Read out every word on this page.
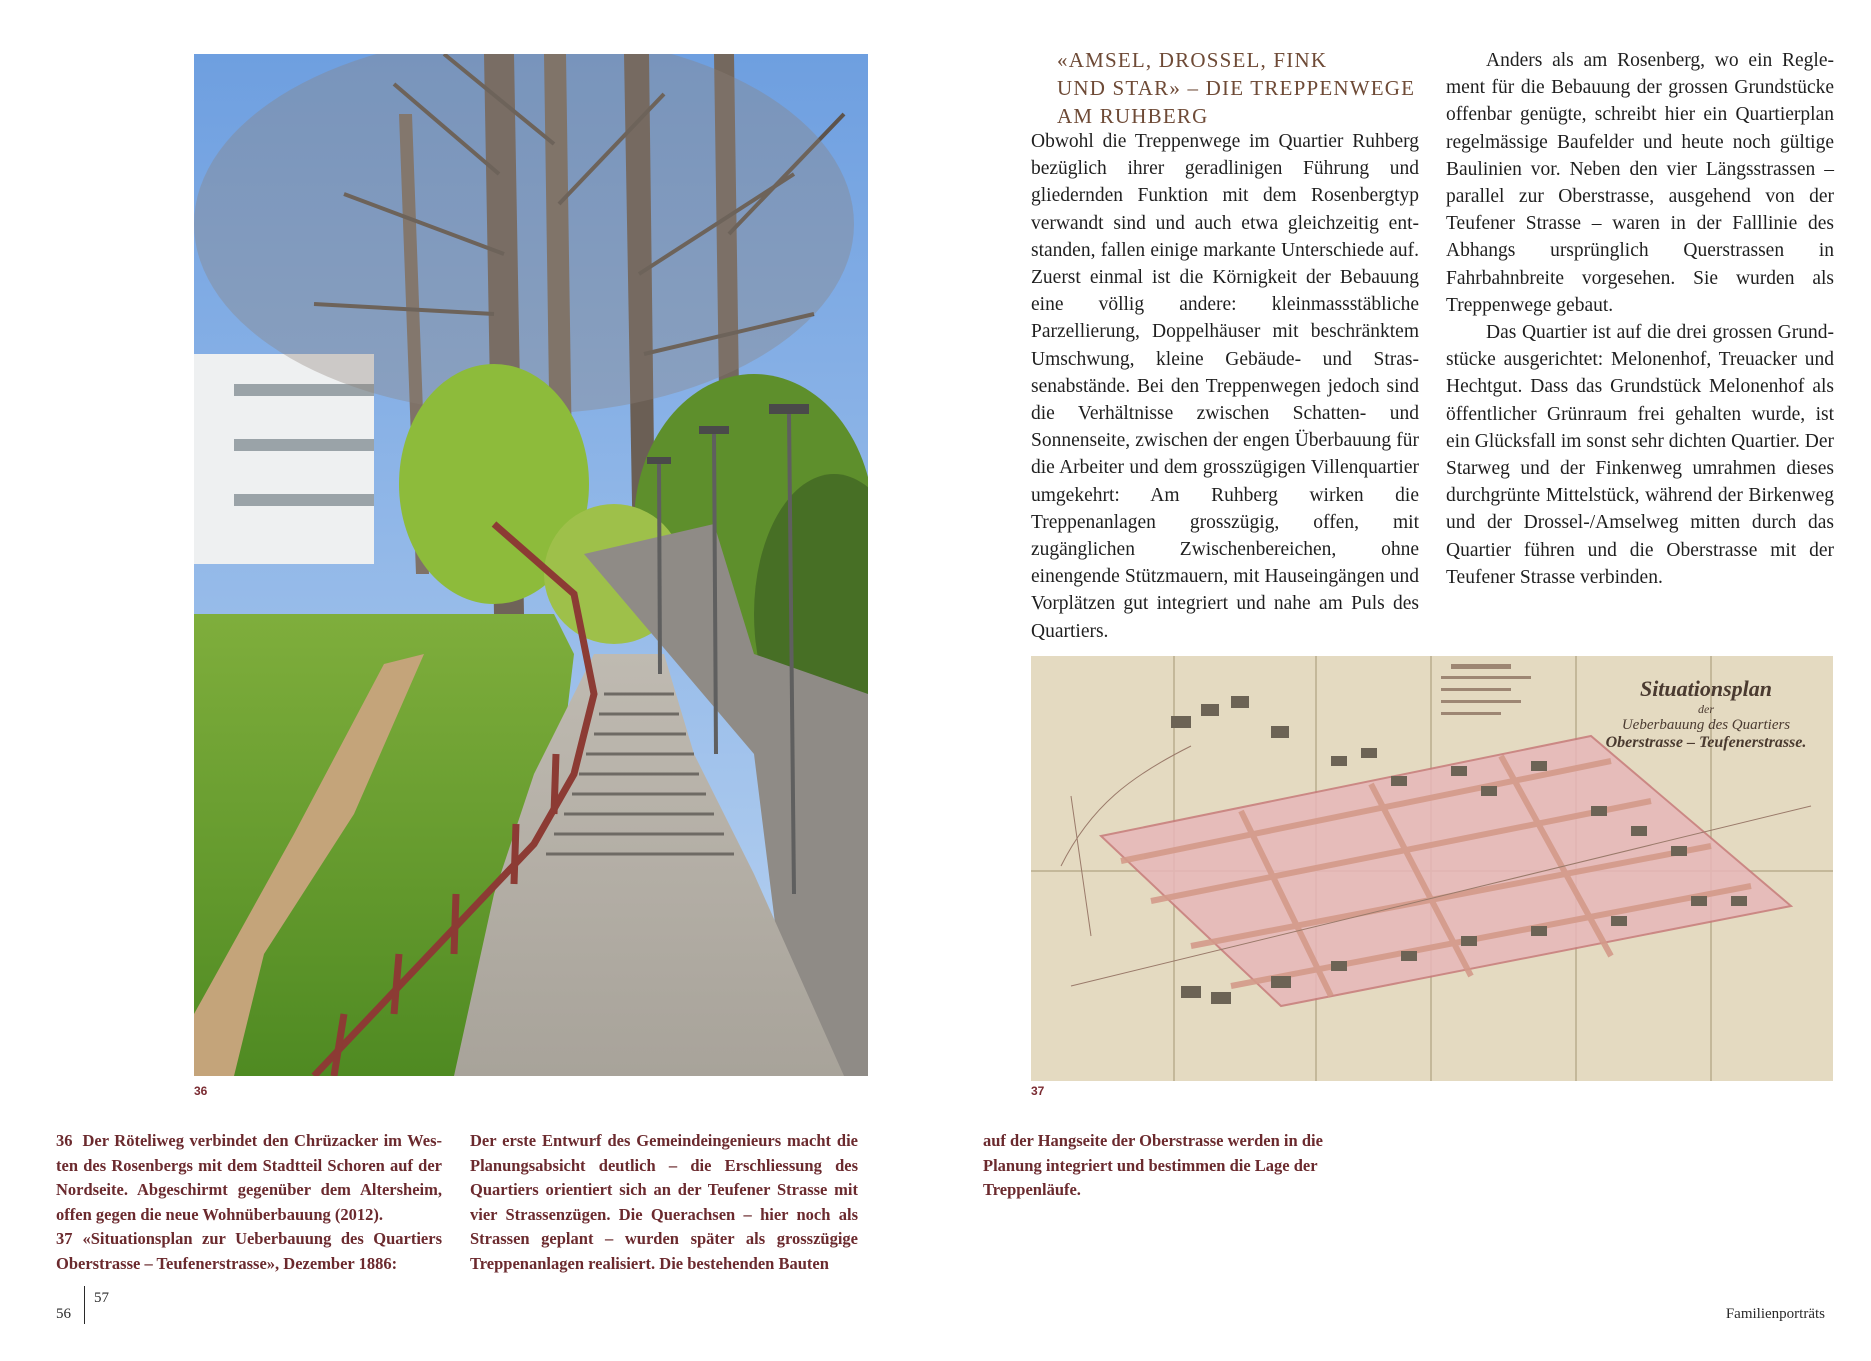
36
Situationsplan
der
Ueberbauung des Quartiers
Oberstrasse – Teufenerstrasse.
37
«AMSEL, DROSSEL, FINK
UND STAR» – DIE TREPPENWEGE
AM RUHBERG

Obwohl die Treppenwege im Quartier Ruhberg bezüglich ihrer geradlinigen Führung und gliedernden Funktion mit dem Rosenbergtyp verwandt sind und auch etwa gleichzeitig entstanden, fallen einige markante Unterschiede auf. Zuerst einmal ist die Körnigkeit der Bebauung eine völlig andere: kleinmassstäbliche Parzellierung, Doppelhäuser mit beschränktem Umschwung, kleine Gebäude- und Strassenabstände. Bei den Treppenwegen jedoch sind die Verhältnisse zwischen Schatten- und Sonnenseite, zwischen der engen Überbauung für die Arbeiter und dem grosszügigen Villenquartier umgekehrt: Am Ruhberg wirken die Treppenanlagen grosszügig, offen, mit zugänglichen Zwischenbereichen, ohne einengende Stützmauern, mit Hauseingängen und Vorplätzen gut integriert und nahe am Puls des Quartiers.

Anders als am Rosenberg, wo ein Reglement für die Bebauung der grossen Grundstücke offenbar genügte, schreibt hier ein Quartierplan regelmässige Baufelder und heute noch gültige Baulinien vor. Neben den vier Längsstrassen – parallel zur Oberstrasse, ausgehend von der Teufener Strasse – waren in der Falllinie des Abhangs ursprünglich Querstrassen in Fahrbahnbreite vorgesehen. Sie wurden als Treppenwege gebaut.

Das Quartier ist auf die drei grossen Grundstücke ausgerichtet: Melonenhof, Treuacker und Hechtgut. Dass das Grundstück Melonenhof als öffentlicher Grünraum frei gehalten wurde, ist ein Glücksfall im sonst sehr dichten Quartier. Der Starweg und der Finkenweg umrahmen dieses durchgrünte Mittelstück, während der Birkenweg und der Drossel-/Amselweg mitten durch das Quartier führen und die Oberstrasse mit der Teufener Strasse verbinden.

36 Der Röteliweg verbindet den Chrüzacker im Westen des Rosenbergs mit dem Stadtteil Schoren auf der Nordseite. Abgeschirmt gegenüber dem Altersheim, offen gegen die neue Wohnüberbauung (2012).

37 «Situationsplan zur Ueberbauung des Quartiers Oberstrasse – Teufenerstrasse», Dezember 1886:

Der erste Entwurf des Gemeindeingenieurs macht die Planungsabsicht deutlich – die Erschliessung des Quartiers orientiert sich an der Teufener Strasse mit vier Strassenzügen. Die Querachsen – hier noch als Strassen geplant – wurden später als grosszügige Treppenanlagen realisiert. Die bestehenden Bauten

auf der Hangseite der Oberstrasse werden in die Planung integriert und bestimmen die Lage der Treppenläufe.

56
57
Familienporträts
